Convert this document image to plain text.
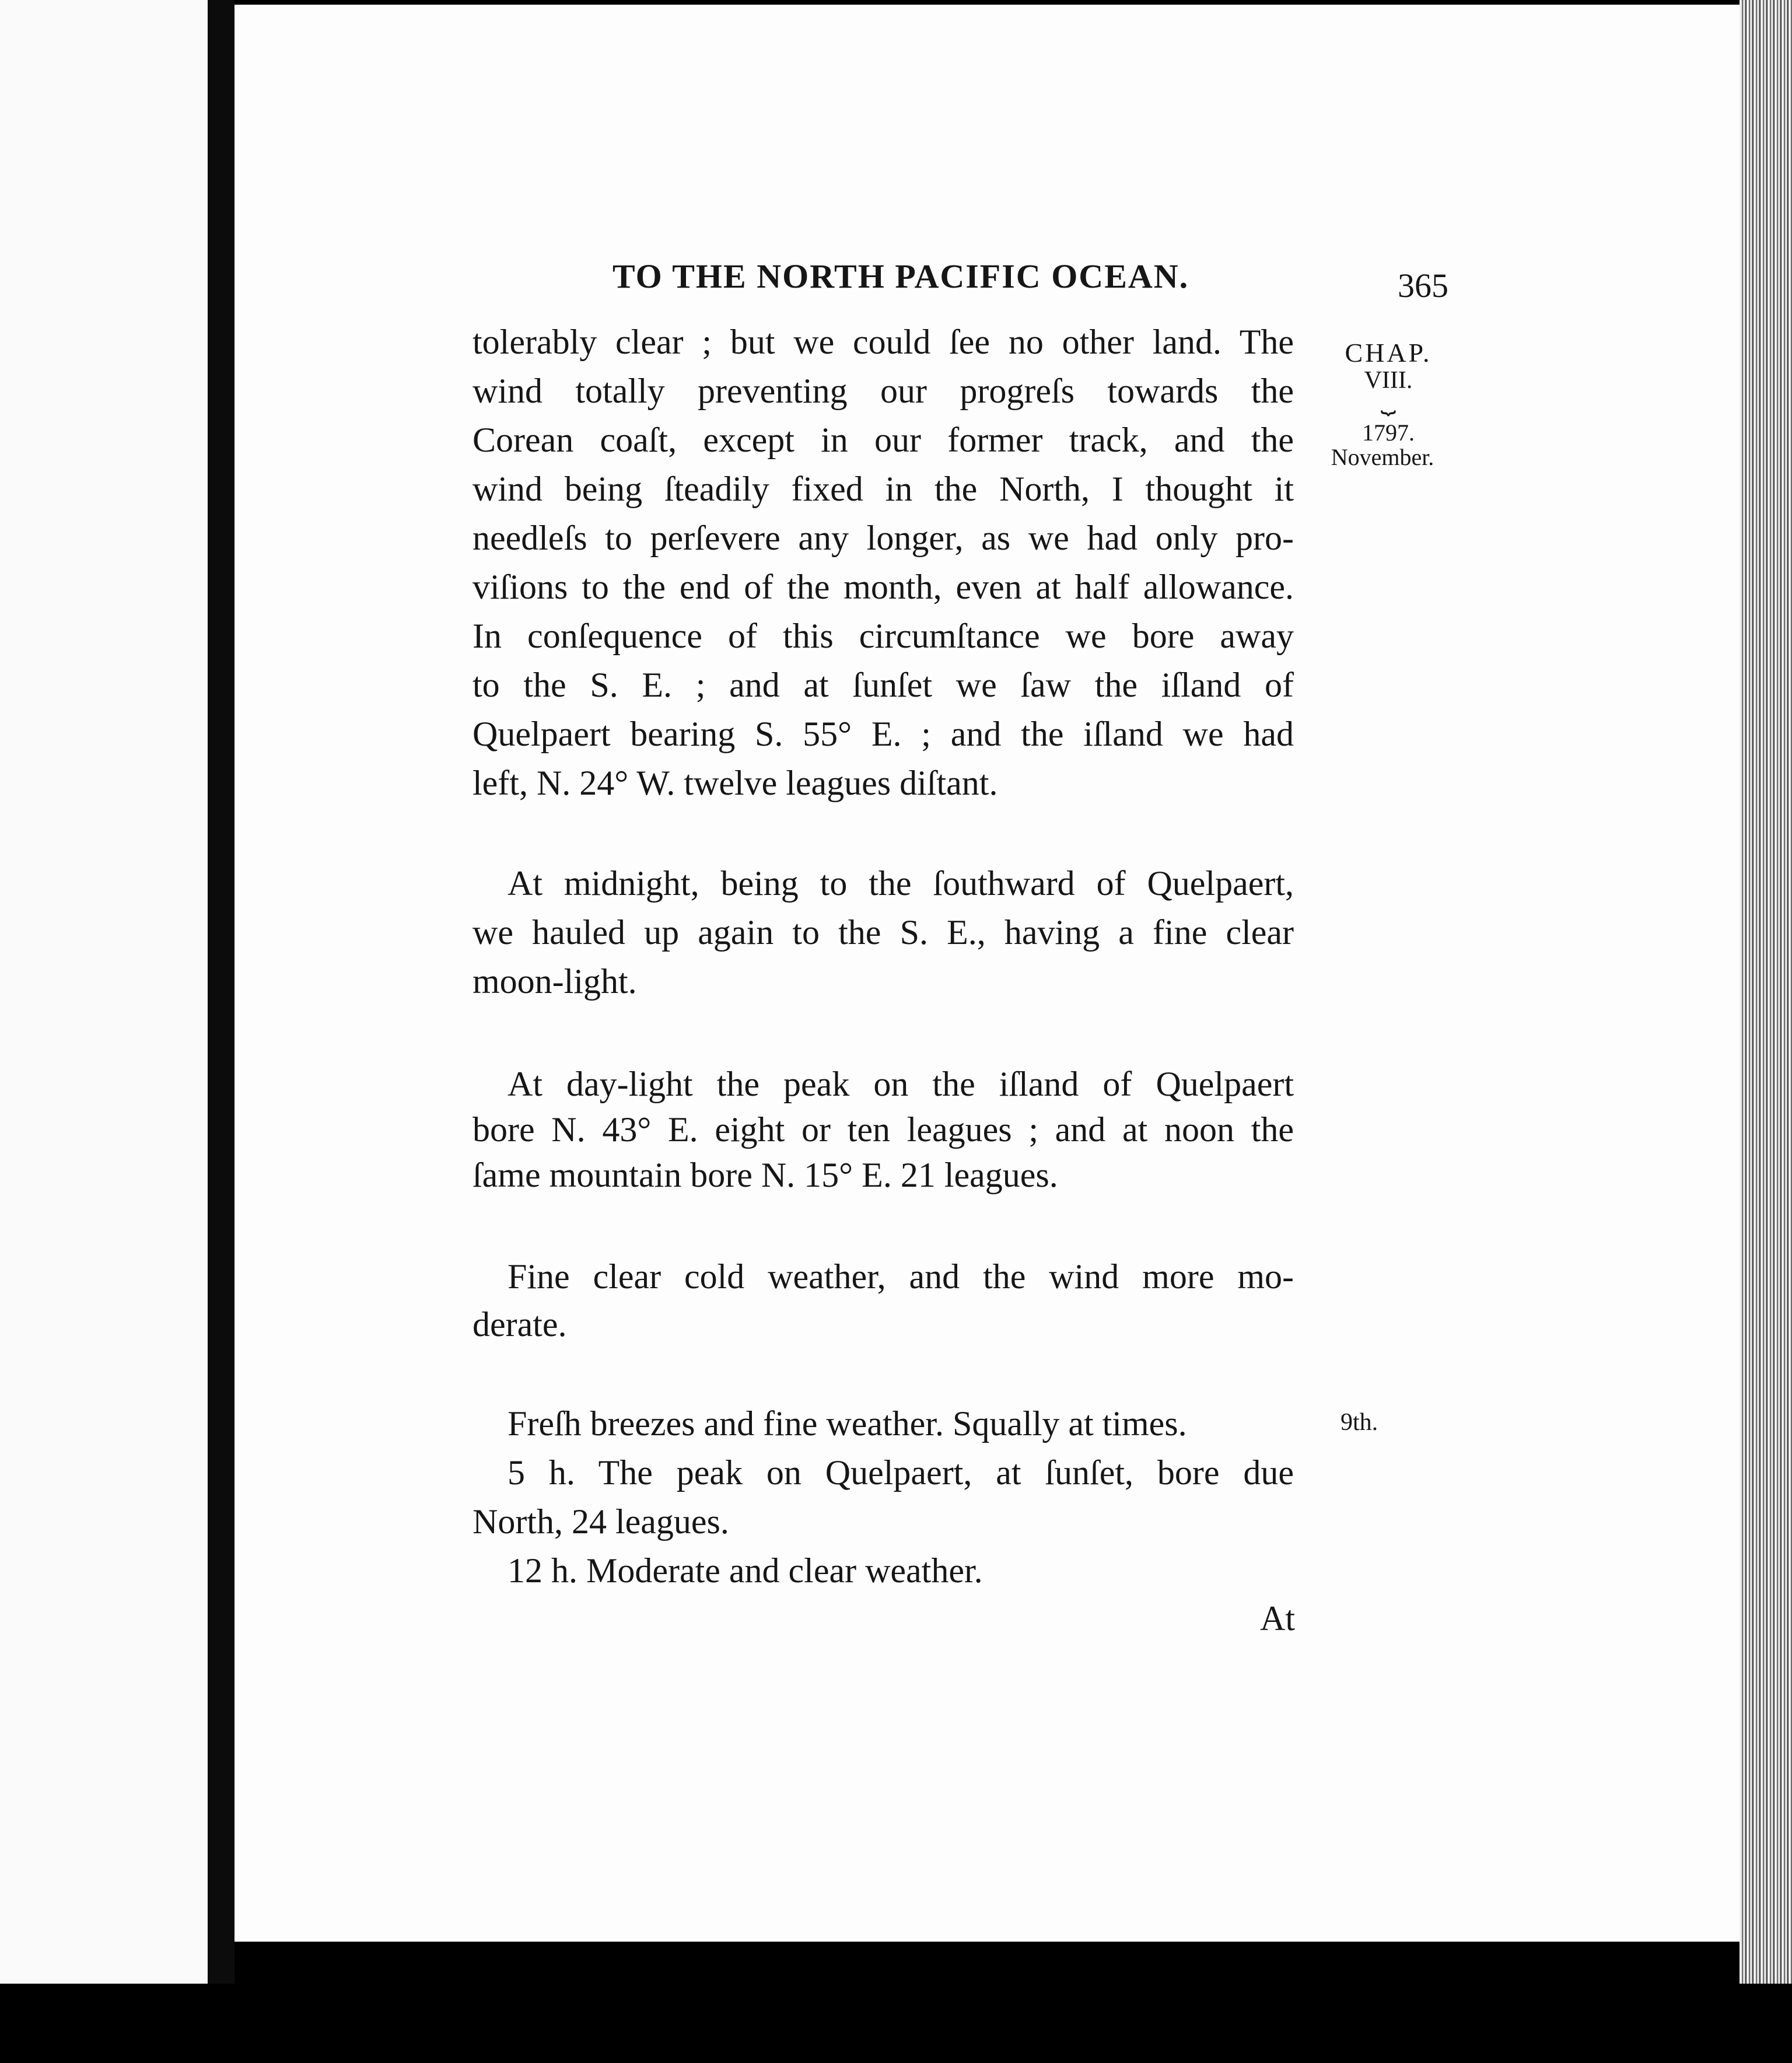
TO THE NORTH PACIFIC OCEAN.	365
CHAP.
VIII.
⏟
1797.
November.
9th.
tolerably clear ; but we could ſee no other land. The
wind totally preventing our progreſs towards the
Corean coaſt, except in our former track, and the
wind being ſteadily fixed in the North, I thought it
needleſs to perſevere any longer, as we had only pro-
viſions to the end of the month, even at half allowance.
In conſequence of this circumſtance we bore away
to the S. E. ; and at ſunſet we ſaw the iſland of
Quelpaert bearing S. 55° E. ; and the iſland we had
left, N. 24° W. twelve leagues diſtant.
At midnight, being to the ſouthward of Quelpaert,
we hauled up again to the S. E., having a fine clear
moon-light.
At day-light the peak on the iſland of Quelpaert
bore N. 43° E. eight or ten leagues ; and at noon the
ſame mountain bore N. 15° E. 21 leagues.
Fine clear cold weather, and the wind more mo-
derate.
Freſh breezes and fine weather. Squally at times.
5 h. The peak on Quelpaert, at ſunſet, bore due
North, 24 leagues.
12 h. Moderate and clear weather.
At
